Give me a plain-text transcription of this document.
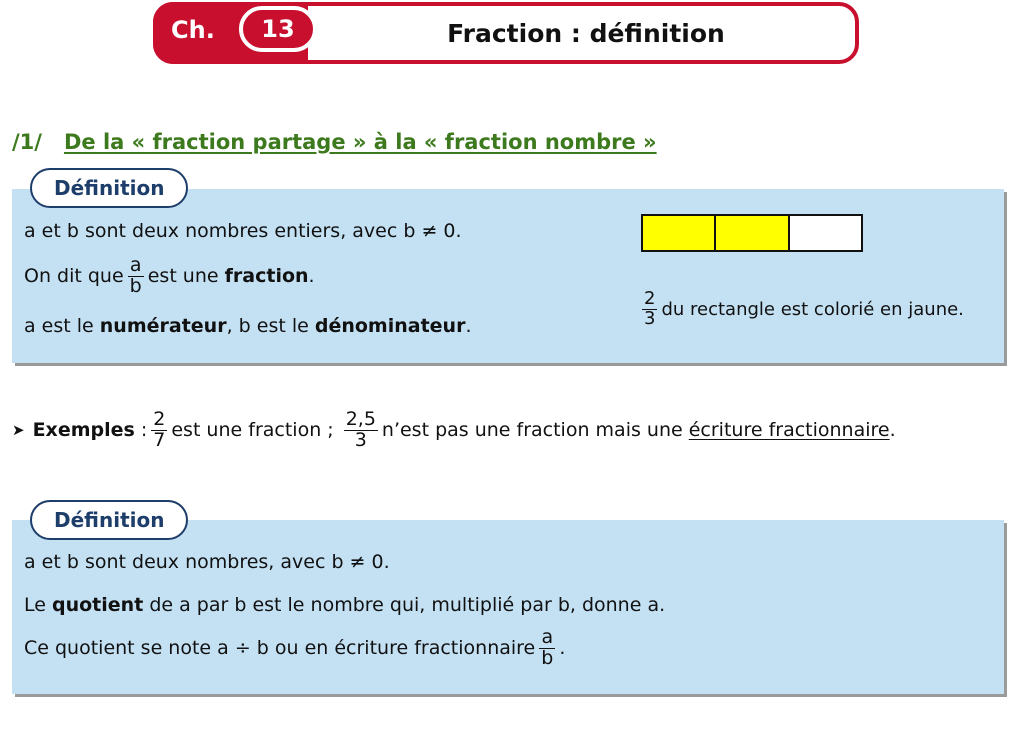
Ch.	13	Fraction : définition
/1/ De la « fraction partage » à la « fraction nombre »
Définition
a et b sont deux nombres entiers, avec b ≠ 0.
On dit que $\frac{a}{b}$ est une
fraction .
a est le
numérateur , b est le
dénominateur .	$\frac{2}{3}$ du rectangle est colorié en jaune.
➤ Exemples
: $\frac{2}{7}$ est une fraction ; $\frac{2,5}{3}$ n’est pas une fraction mais une
écriture fractionnaire .
Définition
a et b sont deux nombres, avec b ≠ 0.
Le
quotient
de a par b est le nombre qui, multiplié par b, donne a.
Ce quotient se note a ÷ b ou en écriture fractionnaire $\frac{a}{b}$ .
